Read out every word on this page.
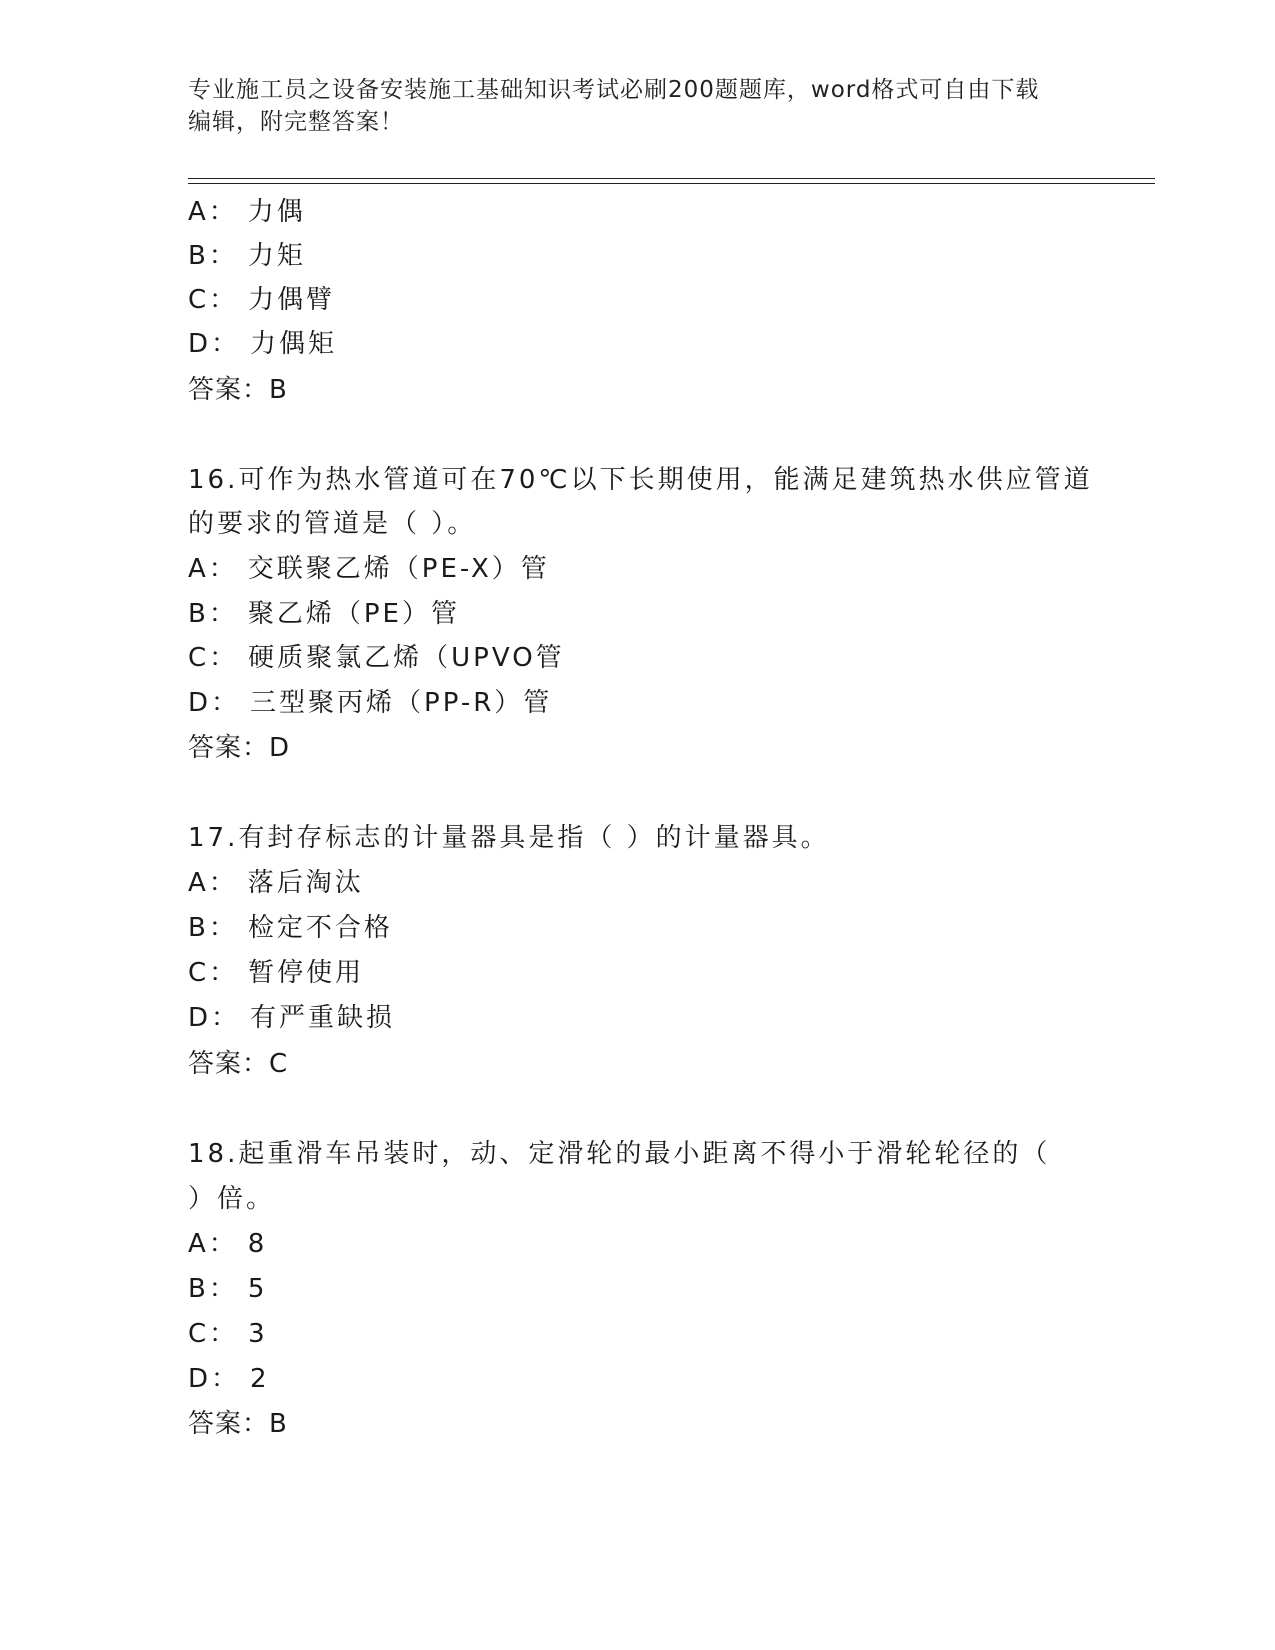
专业施工员之设备安装施工基础知识考试必刷200题题库，word格式可自由下载
编辑，附完整答案！
A： 力偶
B： 力矩
C： 力偶臂
D： 力偶矩
答案：B
16.可作为热水管道可在70℃以下长期使用，能满足建筑热水供应管道
的要求的管道是（ ）。
A： 交联聚乙烯（PE-X）管
B： 聚乙烯（PE）管
C： 硬质聚氯乙烯（UPVO管
D： 三型聚丙烯（PP-R）管
答案：D
17.有封存标志的计量器具是指（ ）的计量器具。
A： 落后淘汰
B： 检定不合格
C： 暂停使用
D： 有严重缺损
答案：C
18.起重滑车吊装时，动、定滑轮的最小距离不得小于滑轮轮径的（
）倍。
A： 8
B： 5
C： 3
D： 2
答案：B
